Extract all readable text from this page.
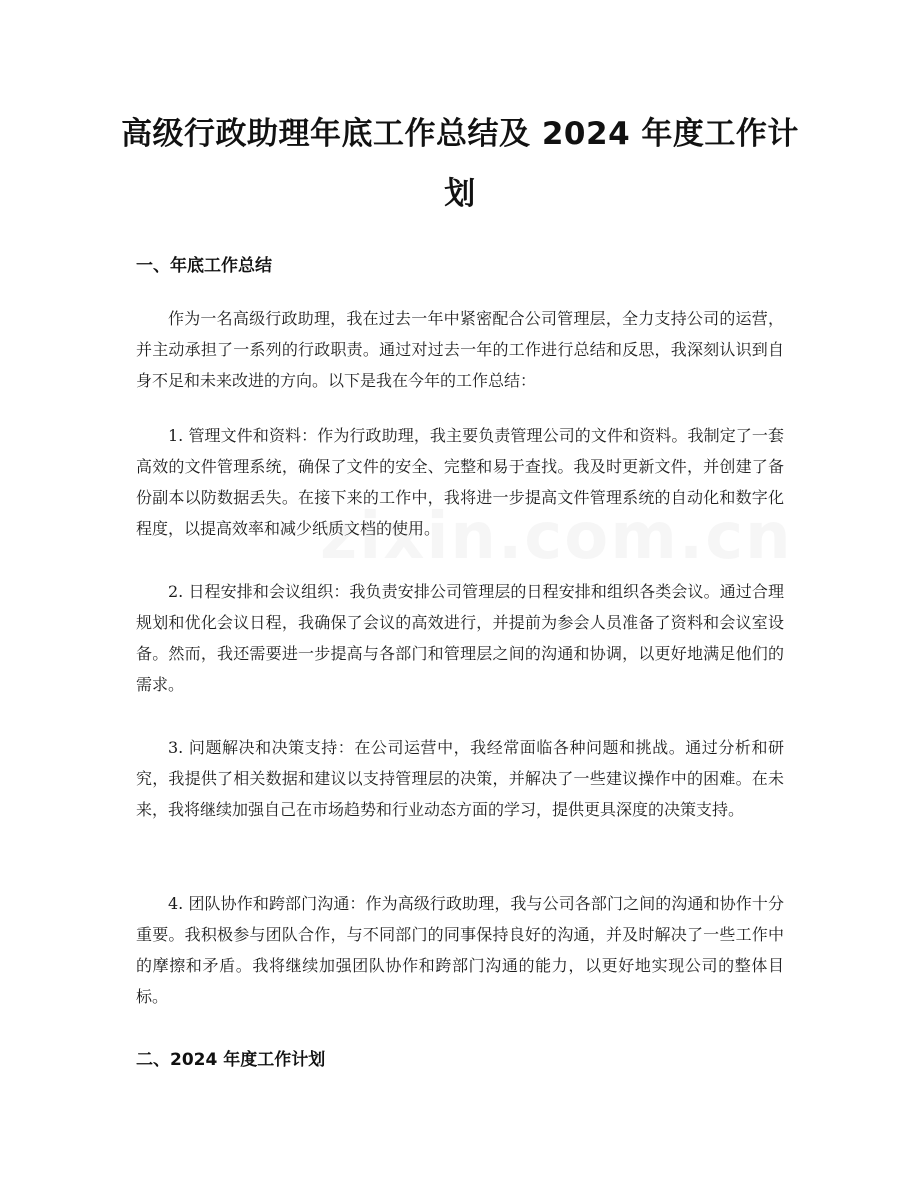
高级行政助理年底工作总结及 2024 年度工作计划
一、年底工作总结

作为一名高级行政助理，我在过去一年中紧密配合公司管理层，全力支持公司的运营，并主动承担了一系列的行政职责。通过对过去一年的工作进行总结和反思，我深刻认识到自身不足和未来改进的方向。以下是我在今年的工作总结：

1. 管理文件和资料：作为行政助理，我主要负责管理公司的文件和资料。我制定了一套高效的文件管理系统，确保了文件的安全、完整和易于查找。我及时更新文件，并创建了备份副本以防数据丢失。在接下来的工作中，我将进一步提高文件管理系统的自动化和数字化程度，以提高效率和减少纸质文档的使用。

2. 日程安排和会议组织：我负责安排公司管理层的日程安排和组织各类会议。通过合理规划和优化会议日程，我确保了会议的高效进行，并提前为参会人员准备了资料和会议室设备。然而，我还需要进一步提高与各部门和管理层之间的沟通和协调，以更好地满足他们的需求。

3. 问题解决和决策支持：在公司运营中，我经常面临各种问题和挑战。通过分析和研究，我提供了相关数据和建议以支持管理层的决策，并解决了一些建议操作中的困难。在未来，我将继续加强自己在市场趋势和行业动态方面的学习，提供更具深度的决策支持。

4. 团队协作和跨部门沟通：作为高级行政助理，我与公司各部门之间的沟通和协作十分重要。我积极参与团队合作，与不同部门的同事保持良好的沟通，并及时解决了一些工作中的摩擦和矛盾。我将继续加强团队协作和跨部门沟通的能力，以更好地实现公司的整体目标。

二、2024 年度工作计划
